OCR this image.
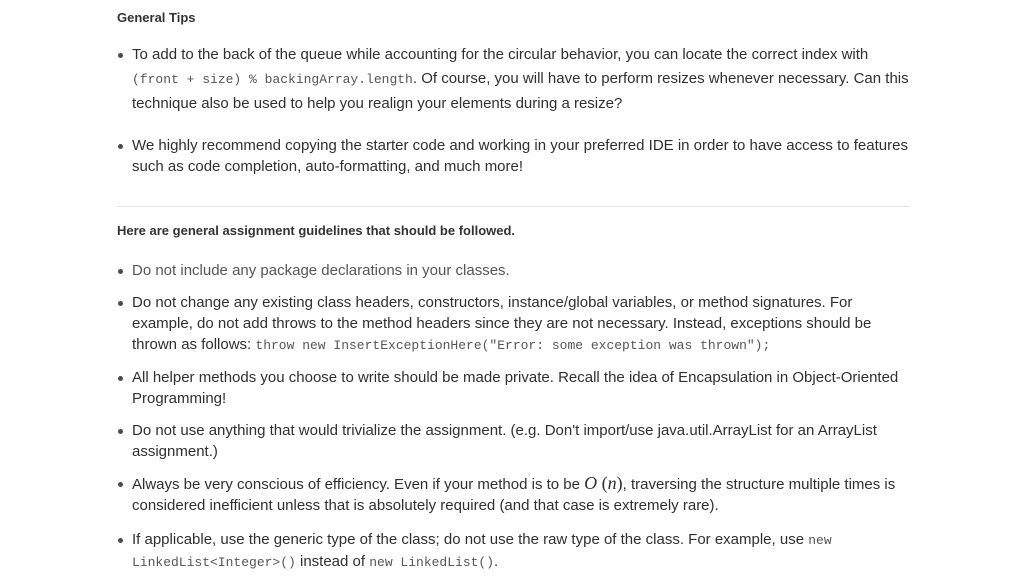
General Tips
To add to the back of the queue while accounting for the circular behavior, you can locate the correct index with (front + size) % backingArray.length. Of course, you will have to perform resizes whenever necessary. Can this technique also be used to help you realign your elements during a resize?
We highly recommend copying the starter code and working in your preferred IDE in order to have access to features such as code completion, auto-formatting, and much more!
Here are general assignment guidelines that should be followed.
Do not include any package declarations in your classes.
Do not change any existing class headers, constructors, instance/global variables, or method signatures. For example, do not add throws to the method headers since they are not necessary. Instead, exceptions should be thrown as follows: throw new InsertExceptionHere("Error: some exception was thrown");
All helper methods you choose to write should be made private. Recall the idea of Encapsulation in Object-Oriented Programming!
Do not use anything that would trivialize the assignment. (e.g. Don't import/use java.util.ArrayList for an ArrayList assignment.)
Always be very conscious of efficiency. Even if your method is to be O (n), traversing the structure multiple times is considered inefficient unless that is absolutely required (and that case is extremely rare).
If applicable, use the generic type of the class; do not use the raw type of the class. For example, use new LinkedList<Integer>() instead of new LinkedList().
